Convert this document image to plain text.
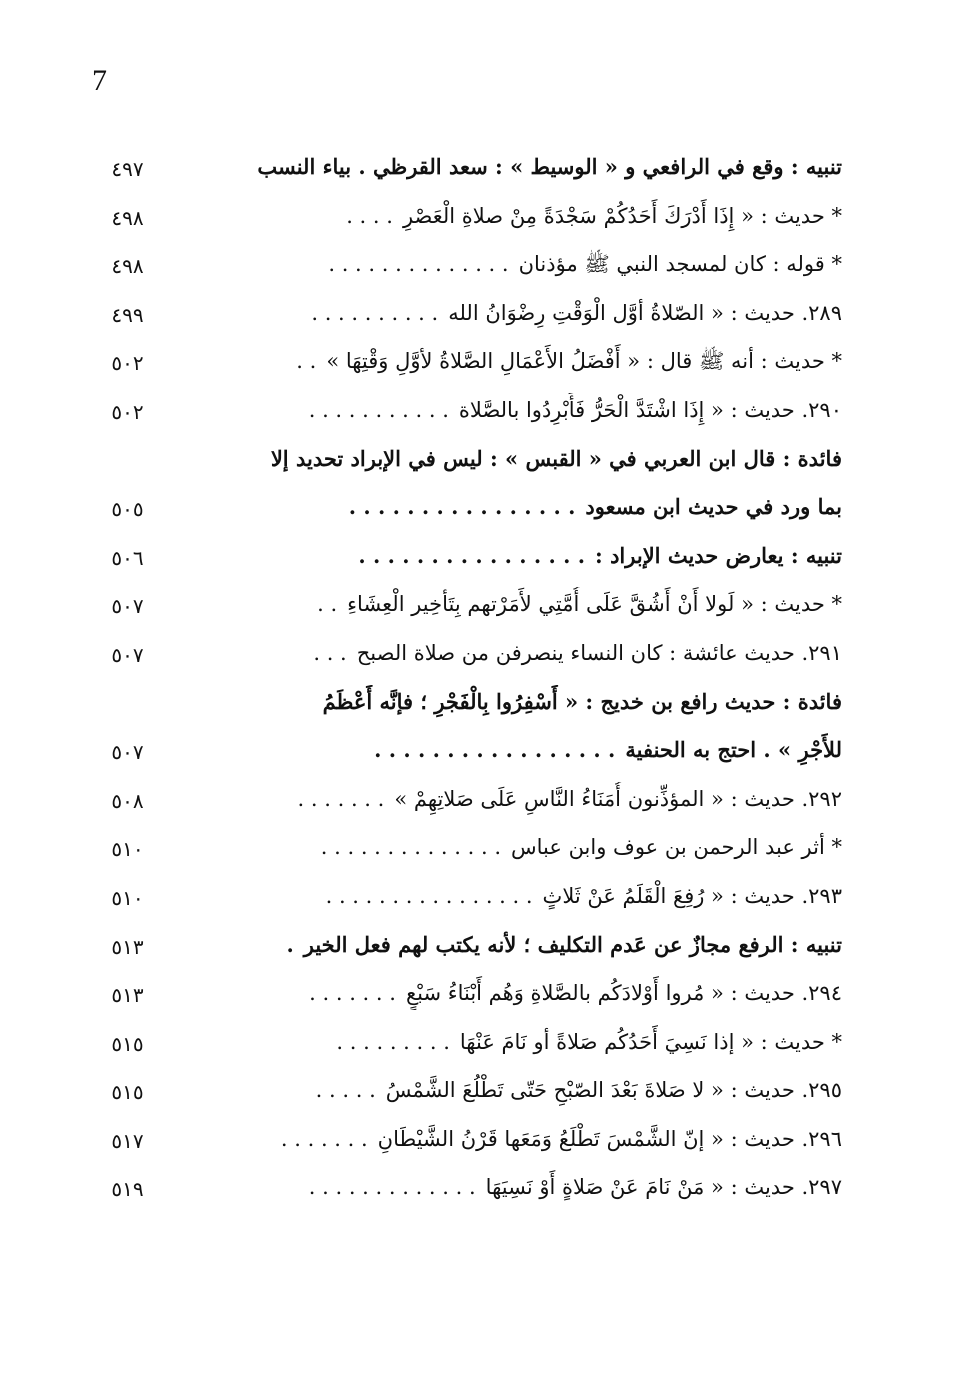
7
تنبيه : وقع في الرافعي و « الوسيط » : سعد القرظي . بياء النسب
٤٩٧
* حديث : « إِذَا أَدْرَكَ أَحَدُكُمْ سَجْدَةً مِنْ صلاةِ الْعَصْرِ. . . .
٤٩٨
* قوله : كان لمسجد النبي ﷺ مؤذنان. . . . . . . . . . . . . .
٤٩٨
٢٨٩. حديث : « الصّلاةُ أوَّل الْوَقْتِ رِضْوَانُ الله. . . . . . . . . .
٤٩٩
* حديث : أنه ﷺ قال : « أَفْضَلُ الأَعْمَالِ الصَّلاةُ لأوَّلِ وَقْتِهَا ». .
٥٠٢
٢٩٠. حديث : « إِذَا اشْتَدَّ الْحَرُّ فَأَبْرِدُوا بالصَّلاة. . . . . . . . . . .
٥٠٢
فائدة : قال ابن العربي في « القبس » : ليس في الإبراد تحديد إلا
بما ورد في حديث ابن مسعود. . . . . . . . . . . . . . . .
٥٠٥
تنبيه : يعارض حديث الإبراد :. . . . . . . . . . . . . . . .
٥٠٦
* حديث : « لَولا أَنْ أَشُقَّ عَلَى أُمَّتِي لأَمَرْتهم بِتَأخِير الْعِشَاءِ. .
٥٠٧
٢٩١. حديث عائشة : كان النساء ينصرفن من صلاة الصبح. . .
٥٠٧
فائدة : حديث رافع بن خديج : « أَسْفِرُوا بِالْفَجْرِ ؛ فإنَّه أَعْظَمُ
للأَجْرِ » . احتج به الحنفية. . . . . . . . . . . . . . . . .
٥٠٧
٢٩٢. حديث : « المؤذِّنون أُمَنَاءُ النَّاسِ عَلَى صَلاتِهِمْ ». . . . . . .
٥٠٨
* أثر عبد الرحمن بن عوف وابن عباس. . . . . . . . . . . . . .
٥١٠
٢٩٣. حديث : « رُفِعَ الْقَلَمُ عَنْ ثَلاثٍ. . . . . . . . . . . . . . . .
٥١٠
تنبيه : الرفع مجازٌ عن عَدم التكليف ؛ لأنه يكتب لهم فعل الخير.
٥١٣
٢٩٤. حديث : « مُروا أَوْلادَكُم بالصَّلاةِ وَهُم أَبْنَاءُ سَبْعٍ. . . . . . .
٥١٣
* حديث : « إذا نَسِيَ أَحَدُكُم صَلاةً أو نَامَ عَنْهَا. . . . . . . . .
٥١٥
٢٩٥. حديث : « لا صَلاةَ بَعْدَ الصّبْحِ حَتّى تَطْلُعَ الشَّمْسُ. . . . .
٥١٥
٢٩٦. حديث : « إنّ الشَّمْسَ تَطْلَعُ وَمَعَها قَرْنُ الشَّيْطَانِ. . . . . . .
٥١٧
٢٩٧. حديث : « مَنْ نَامَ عَنْ صَلاةٍ أَوْ نَسِيَهَا. . . . . . . . . . . . .
٥١٩
